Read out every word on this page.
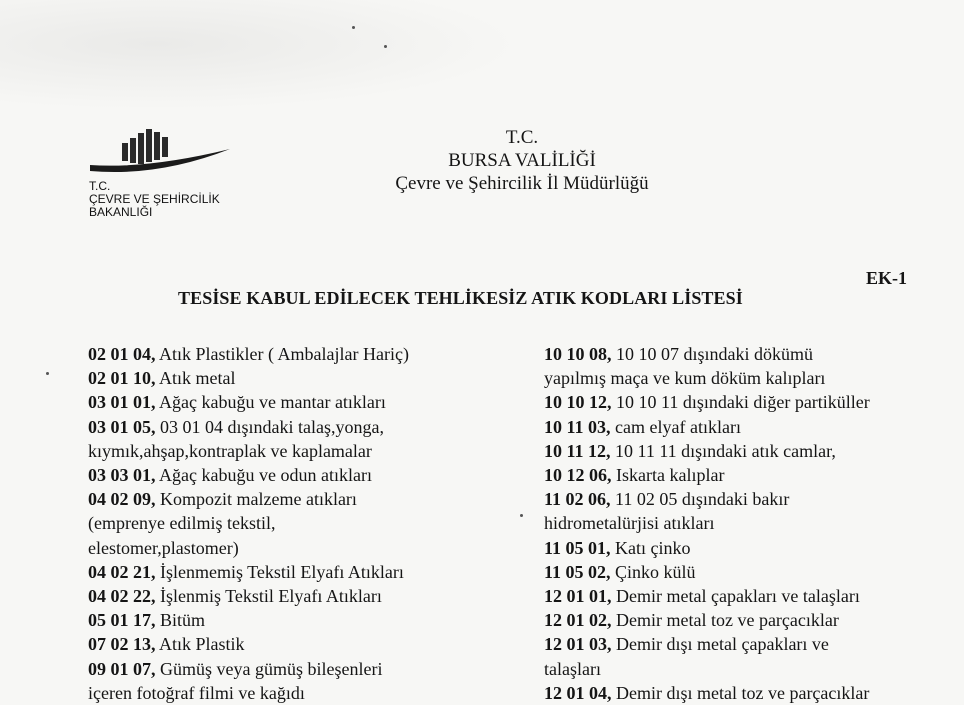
T.C.
ÇEVRE VE ŞEHİRCİLİK
BAKANLIĞI
T.C.
BURSA VALİLİĞİ
Çevre ve Şehircilik İl Müdürlüğü
EK-1
TESİSE KABUL EDİLECEK TEHLİKESİZ ATIK KODLARI LİSTESİ
02 01 04, Atık Plastikler ( Ambalajlar Hariç)
02 01 10, Atık metal
03 01 01, Ağaç kabuğu ve mantar atıkları
03 01 05, 03 01 04 dışındaki talaş,yonga,
kıymık,ahşap,kontraplak ve kaplamalar
03 03 01, Ağaç kabuğu ve odun atıkları
04 02 09, Kompozit malzeme atıkları
(emprenye edilmiş tekstil,
elestomer,plastomer)
04 02 21, İşlenmemiş Tekstil Elyafı Atıkları
04 02 22, İşlenmiş Tekstil Elyafı Atıkları
05 01 17, Bitüm
07 02 13, Atık Plastik
09 01 07, Gümüş veya gümüş bileşenleri
içeren fotoğraf filmi ve kağıdı
10 10 08, 10 10 07 dışındaki dökümü
yapılmış maça ve kum döküm kalıpları
10 10 12, 10 10 11 dışındaki diğer partiküller
10 11 03, cam elyaf atıkları
10 11 12, 10 11 11 dışındaki atık camlar,
10 12 06, Iskarta kalıplar
11 02 06, 11 02 05 dışındaki bakır
hidrometalürjisi atıkları
11 05 01, Katı çinko
11 05 02, Çinko külü
12 01 01, Demir metal çapakları ve talaşları
12 01 02, Demir metal toz ve parçacıklar
12 01 03, Demir dışı metal çapakları ve
talaşları
12 01 04, Demir dışı metal toz ve parçacıklar
